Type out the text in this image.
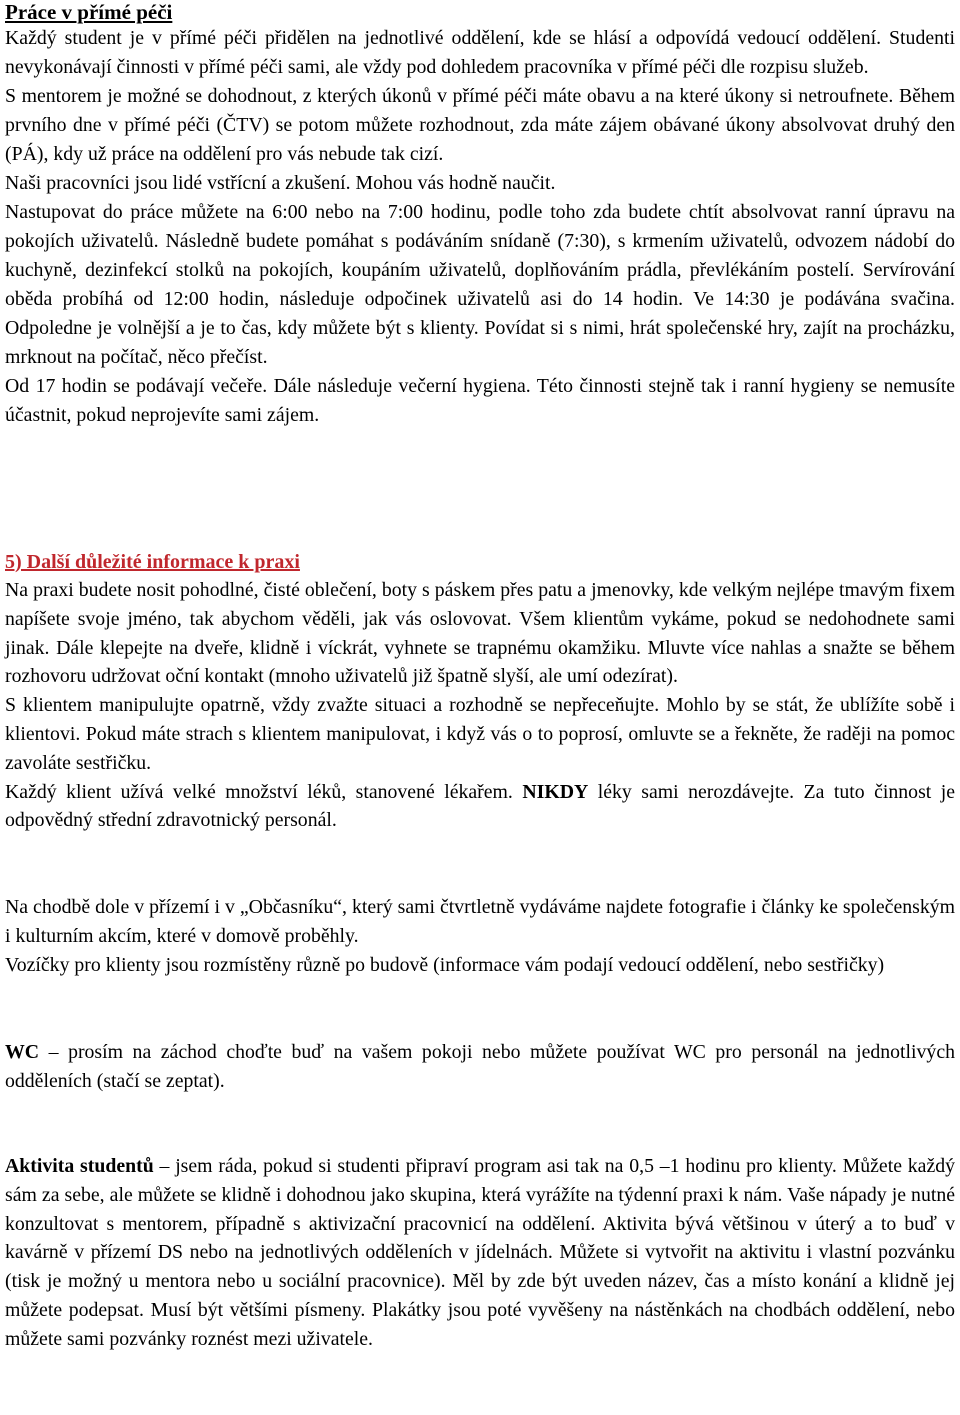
Práce v přímé péči

Každý student je v přímé péči přidělen na jednotlivé oddělení, kde se hlásí a odpovídá vedoucí oddělení. Studenti nevykonávají činnosti v přímé péči sami, ale vždy pod dohledem pracovníka v přímé péči dle rozpisu služeb.

S mentorem je možné se dohodnout, z kterých úkonů v přímé péči máte obavu a na které úkony si netroufnete. Během prvního dne v přímé péči (ČTV) se potom můžete rozhodnout, zda máte zájem obávané úkony absolvovat druhý den (PÁ), kdy už práce na oddělení pro vás nebude tak cizí.

Naši pracovníci jsou lidé vstřícní a zkušení. Mohou vás hodně naučit.

Nastupovat do práce můžete na 6:00 nebo na 7:00 hodinu, podle toho zda budete chtít absolvovat ranní úpravu na pokojích uživatelů. Následně budete pomáhat s podáváním snídaně (7:30), s krmením uživatelů, odvozem nádobí do kuchyně, dezinfekcí stolků na pokojích, koupáním uživatelů, doplňováním prádla, převlékáním postelí. Servírování oběda probíhá od 12:00 hodin, následuje odpočinek uživatelů asi do 14 hodin. Ve 14:30 je podávána svačina. Odpoledne je volnější a je to čas, kdy můžete být s klienty. Povídat si s nimi, hrát společenské hry, zajít na procházku, mrknout na počítač, něco přečíst.

Od 17 hodin se podávají večeře. Dále následuje večerní hygiena. Této činnosti stejně tak i ranní hygieny se nemusíte účastnit, pokud neprojevíte sami zájem.

5) Další důležité informace k praxi

Na praxi budete nosit pohodlné, čisté oblečení, boty s páskem přes patu a jmenovky, kde velkým nejlépe tmavým fixem napíšete svoje jméno, tak abychom věděli, jak vás oslovovat. Všem klientům vykáme, pokud se nedohodnete sami jinak. Dále klepejte na dveře, klidně i víckrát, vyhnete se trapnému okamžiku. Mluvte více nahlas a snažte se během rozhovoru udržovat oční kontakt (mnoho uživatelů již špatně slyší, ale umí odezírat).

S klientem manipulujte opatrně, vždy zvažte situaci a rozhodně se nepřeceňujte. Mohlo by se stát, že ublížíte sobě i klientovi. Pokud máte strach s klientem manipulovat, i když vás o to poprosí, omluvte se a řekněte, že raději na pomoc zavoláte sestřičku.

Každý klient užívá velké množství léků, stanovené lékařem. NIKDY léky sami nerozdávejte. Za tuto činnost je odpovědný střední zdravotnický personál.

Na chodbě dole v přízemí i v „Občasníku“, který sami čtvrtletně vydáváme najdete fotografie i články ke společenským i kulturním akcím, které v domově proběhly.

Vozíčky pro klienty jsou rozmístěny různě po budově (informace vám podají vedoucí oddělení, nebo sestřičky)

WC – prosím na záchod choďte buď na vašem pokoji nebo můžete používat WC pro personál na jednotlivých odděleních (stačí se zeptat).

Aktivita studentů – jsem ráda, pokud si studenti připraví program asi tak na 0,5 –1 hodinu pro klienty. Můžete každý sám za sebe, ale můžete se klidně i dohodnou jako skupina, která vyrážíte na týdenní praxi k nám. Vaše nápady je nutné konzultovat s mentorem, případně s aktivizační pracovnicí na oddělení. Aktivita bývá většinou v úterý a to buď v kavárně v přízemí DS nebo na jednotlivých odděleních v jídelnách. Můžete si vytvořit na aktivitu i vlastní pozvánku (tisk je možný u mentora nebo u sociální pracovnice). Měl by zde být uveden název, čas a místo konání a klidně jej můžete podepsat. Musí být většími písmeny. Plakátky jsou poté vyvěšeny na nástěnkách na chodbách oddělení, nebo můžete sami pozvánky roznést mezi uživatele.
